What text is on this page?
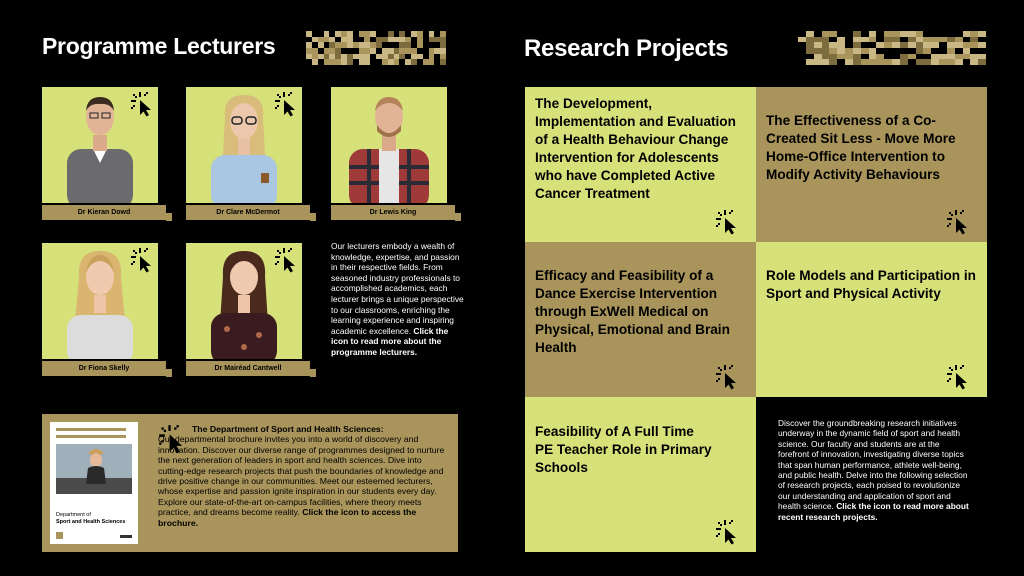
Programme Lecturers
Dr Kieran Dowd	Dr Clare McDermot	Dr Lewis King
Dr Fiona Skelly	Dr Mairéad Cantwell
Our lecturers embody a wealth of knowledge, expertise, and passion in their respective fields. From seasoned industry professionals to accomplished academics, each lecturer brings a unique perspective to our classrooms, enriching the learning experience and inspiring academic excellence. Click the icon to read more about the programme lecturers.
Department of
Sport and Health Sciences
The Department of Sport and Health Sciences:
Our departmental brochure invites you into a world of discovery and innovation. Discover our diverse range of programmes designed to nurture the next generation of leaders in sport and health sciences. Dive into cutting-edge research projects that push the boundaries of knowledge and drive positive change in our communities. Meet our esteemed lecturers, whose expertise and passion ignite inspiration in our students every day. Explore our state-of-the-art on-campus facilities, where theory meets practice, and dreams become reality. Click the icon to access the brochure.
Research Projects
The Development, Implementation and Evaluation of a Health Behaviour Change Intervention for Adolescents who have Completed Active Cancer Treatment
The Effectiveness of a Co-Created Sit Less - Move More Home-Office Intervention to Modify Activity Behaviours
Efficacy and Feasibility of a Dance Exercise Intervention through ExWell Medical on Physical, Emotional and Brain Health
Role Models and Participation in Sport and Physical Activity
Feasibility of A Full Time PE Teacher Role in Primary Schools
Discover the groundbreaking research initiatives underway in the dynamic field of sport and health science. Our faculty and students are at the forefront of innovation, investigating diverse topics that span human performance, athlete well-being, and public health. Delve into the following selection of research projects, each poised to revolutionize our understanding and application of sport and health science. Click the icon to read more about recent research projects.
